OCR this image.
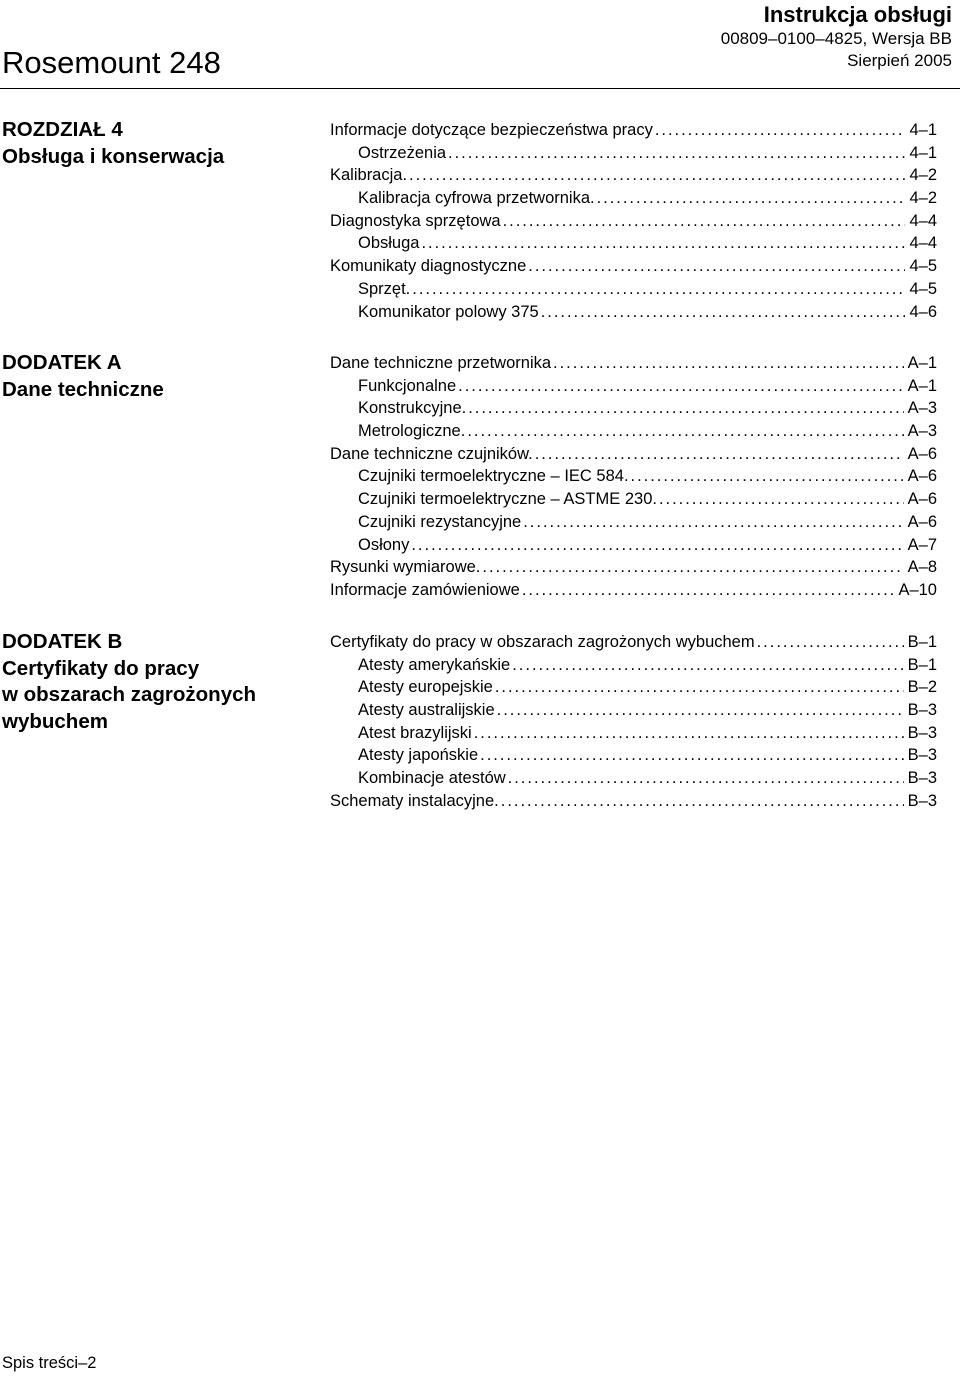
Rosemount 248
Instrukcja obsługi
00809–0100–4825, Wersja BB
Sierpień 2005
ROZDZIAŁ 4
Obsługa i konserwacja
Informacje dotyczące bezpieczeństwa pracy . . .	4–1
Ostrzeżenia . . .	4–1
Kalibracja. . . .	4–2
Kalibracja cyfrowa przetwornika. . . .	4–2
Diagnostyka sprzętowa . . .	4–4
Obsługa . . .	4–4
Komunikaty diagnostyczne . . .	4–5
Sprzęt. . . .	4–5
Komunikator polowy 375 . . .	4–6
DODATEK A
Dane techniczne
Dane techniczne przetwornika . . .	A–1
Funkcjonalne . . .	A–1
Konstrukcyjne. . . .	A–3
Metrologiczne. . . .	A–3
Dane techniczne czujników. . . .	A–6
Czujniki termoelektryczne – IEC 584. . . .	A–6
Czujniki termoelektryczne – ASTME 230. . . .	A–6
Czujniki rezystancyjne . . .	A–6
Osłony . . .	A–7
Rysunki wymiarowe. . . .	A–8
Informacje zamówieniowe . . .	A–10
DODATEK B
Certyfikaty do pracy
w obszarach zagrożonych
wybuchem
Certyfikaty do pracy w obszarach zagrożonych wybuchem . . .	B–1
Atesty amerykańskie . . .	B–1
Atesty europejskie . . .	B–2
Atesty australijskie . . .	B–3
Atest brazylijski . . .	B–3
Atesty japońskie . . .	B–3
Kombinacje atestów . . .	B–3
Schematy instalacyjne. . . .	B–3
Spis treści–2
